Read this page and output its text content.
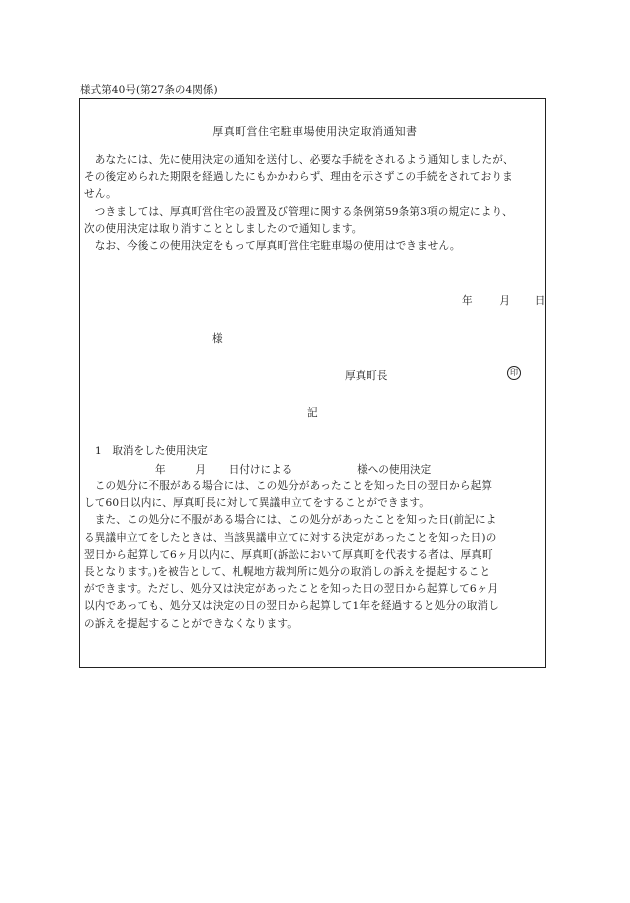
様式第40号(第27条の4関係)
厚真町営住宅駐車場使用決定取消通知書

　あなたには、先に使用決定の通知を送付し、必要な手続をされるよう通知しましたが、

その後定められた期限を経過したにもかかわらず、理由を示さずこの手続をされておりま

せん。

　つきましては、厚真町営住宅の設置及び管理に関する条例第59条第3項の規定により、

次の使用決定は取り消すこととしましたので通知します。

　なお、今後この使用決定をもって厚真町営住宅駐車場の使用はできません。

年	月 日
様
厚真町長	印
記
1　取消をした使用決定
年	月 日付けによる	様への使用決定

　この処分に不服がある場合には、この処分があったことを知った日の翌日から起算

して60日以内に、厚真町長に対して異議申立てをすることができます。

　また、この処分に不服がある場合には、この処分があったことを知った日(前記によ

る異議申立てをしたときは、当該異議申立てに対する決定があったことを知った日)の

翌日から起算して6ヶ月以内に、厚真町(訴訟において厚真町を代表する者は、厚真町

長となります。)を被告として、札幌地方裁判所に処分の取消しの訴えを提起すること

ができます。ただし、処分又は決定があったことを知った日の翌日から起算して6ヶ月

以内であっても、処分又は決定の日の翌日から起算して1年を経過すると処分の取消し

の訴えを提起することができなくなります。
